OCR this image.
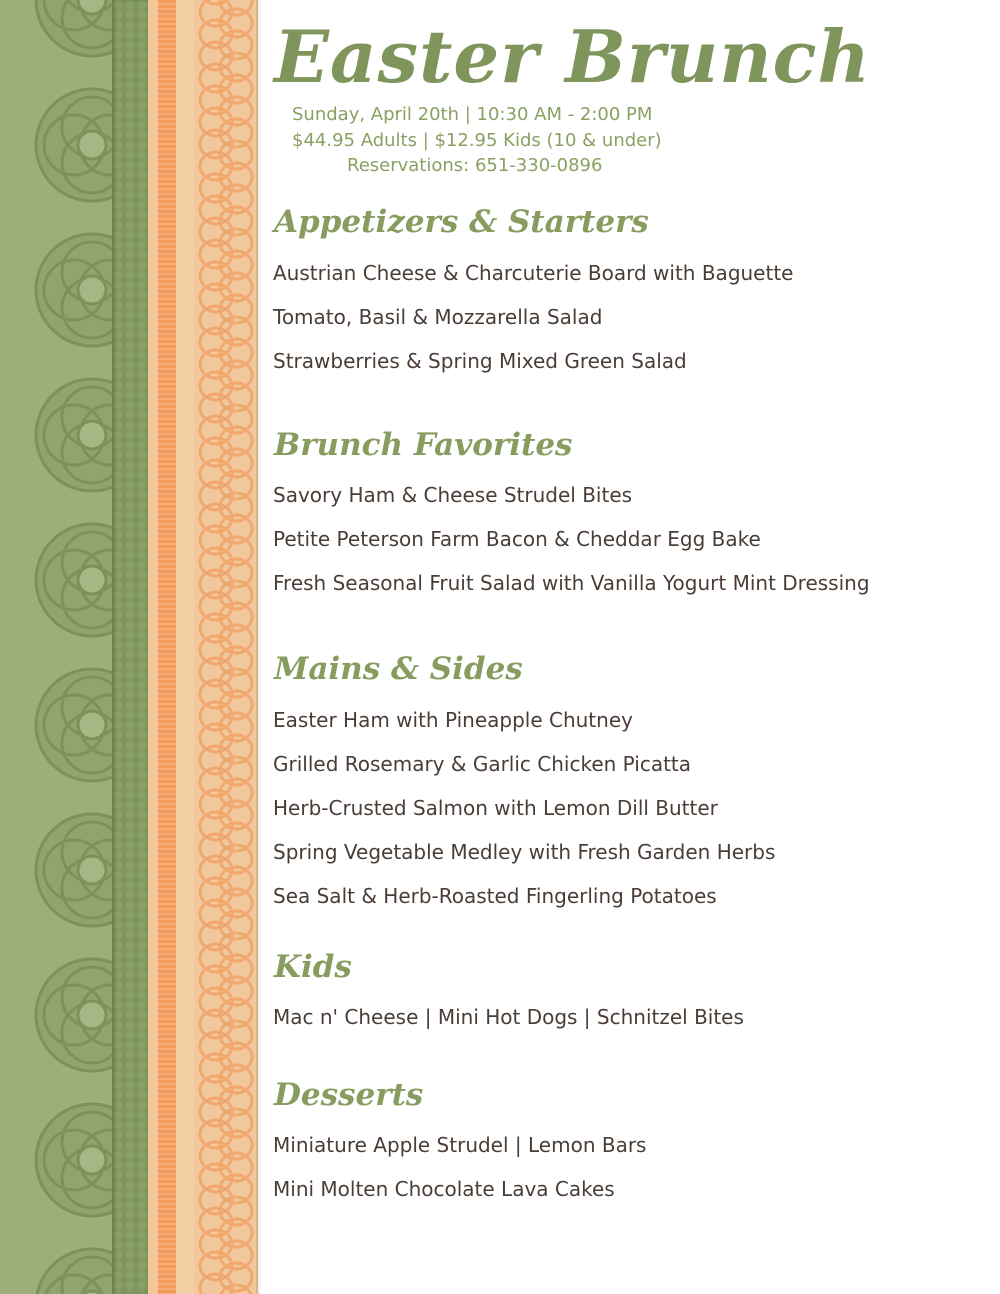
Easter Brunch
Sunday, April 20th | 10:30 AM - 2:00 PM
$44.95 Adults | $12.95 Kids (10 & under)
Reservations: 651-330-0896
Appetizers & Starters
Austrian Cheese & Charcuterie Board with Baguette
Tomato, Basil & Mozzarella Salad
Strawberries & Spring Mixed Green Salad
Brunch Favorites
Savory Ham & Cheese Strudel Bites
Petite Peterson Farm Bacon & Cheddar Egg Bake
Fresh Seasonal Fruit Salad with Vanilla Yogurt Mint Dressing
Mains & Sides
Easter Ham with Pineapple Chutney
Grilled Rosemary & Garlic Chicken Picatta
Herb-Crusted Salmon with Lemon Dill Butter
Spring Vegetable Medley with Fresh Garden Herbs
Sea Salt & Herb-Roasted Fingerling Potatoes
Kids
Mac n' Cheese | Mini Hot Dogs | Schnitzel Bites
Desserts
Miniature Apple Strudel | Lemon Bars
Mini Molten Chocolate Lava Cakes
